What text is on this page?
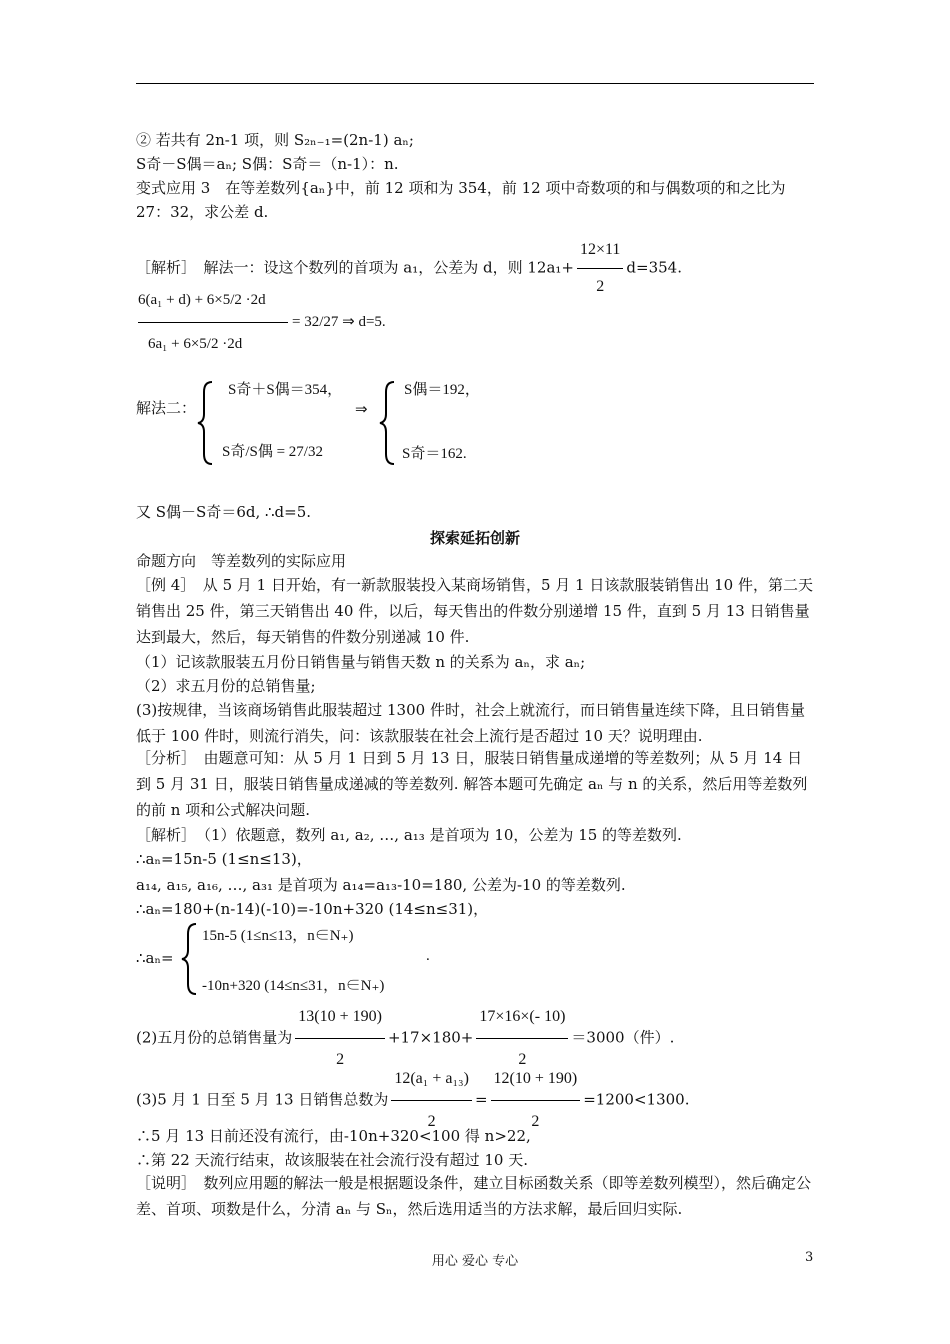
② 若共有 2n-1 项，则 S₂ₙ₋₁=(2n-1) aₙ;
S奇－S偶＝aₙ; S偶：S奇＝（n-1）：n.
变式应用 3　在等差数列{aₙ}中，前 12 项和为 354，前 12 项中奇数项的和与偶数项的和之比为
27：32，求公差 d.
［解析］　解法一：设这个数列的首项为 a₁，公差为 d，则 $12a_1+ \frac{12\times 11}{2} d=354$.
6(a₁ + d) + 6×5/2 ·2d
6a₁ + 6×5/2 ·2d
= 32/27 ⇒ d=5.
解法二：
S奇＋S偶＝354，
S奇/S偶 = 27/32
⇒
S偶＝192，
S奇＝162.
又 S偶－S奇＝6d, ∴d=5.
探索延拓创新
命题方向　等差数列的实际应用
［例 4］　从 5 月 1 日开始，有一新款服装投入某商场销售，5 月 1 日该款服装销售出 10 件，第二天销售出 25 件，第三天销售出 40 件，以后，每天售出的件数分别递增 15 件，直到 5 月 13 日销售量达到最大，然后，每天销售的件数分别递减 10 件.
（1）记该款服装五月份日销售量与销售天数 n 的关系为 aₙ，求 aₙ;
（2）求五月份的总销售量;
(3)按规律，当该商场销售此服装超过 1300 件时，社会上就流行，而日销售量连续下降，且日销售量低于 100 件时，则流行消失，问：该款服装在社会上流行是否超过 10 天？说明理由.
［分析］　由题意可知：从 5 月 1 日到 5 月 13 日，服装日销售量成递增的等差数列；从 5 月 14 日到 5 月 31 日，服装日销售量成递减的等差数列. 解答本题可先确定 aₙ 与 n 的关系，然后用等差数列的前 n 项和公式解决问题.
［解析］　（1）依题意，数列 a₁, a₂, …, a₁₃ 是首项为 10，公差为 15 的等差数列.
∴aₙ=15n-5 (1≤n≤13)，
a₁₄, a₁₅, a₁₆, …, a₃₁ 是首项为 a₁₄=a₁₃-10=180, 公差为-10 的等差数列.
∴aₙ=180+(n-14)(-10)=-10n+320 (14≤n≤31)，
∴aₙ=
15n-5 (1≤n≤13，n∈N₊)
-10n+320 (14≤n≤31，n∈N₊)
.
(2)五月份的总销售量为 $\frac{13(10 + 190)}{2} +17\times 180+ \frac{17\times 16\times(- 10)}{2} =3000$（件）.
(3)5 月 1 日至 5 月 13 日销售总数为 $\frac{\text{12(a₁ + a₁₃)}}{2} = \frac{12(10 + 190)}{2} =1200<1300$.
∴5 月 13 日前还没有流行，由-10n+320<100 得 n>22,
∴第 22 天流行结束，故该服装在社会流行没有超过 10 天.
［说明］　数列应用题的解法一般是根据题设条件，建立目标函数关系（即等差数列模型），然后确定公差、首项、项数是什么，分清 aₙ 与 Sₙ，然后选用适当的方法求解，最后回归实际.
用心 爱心 专心	3
